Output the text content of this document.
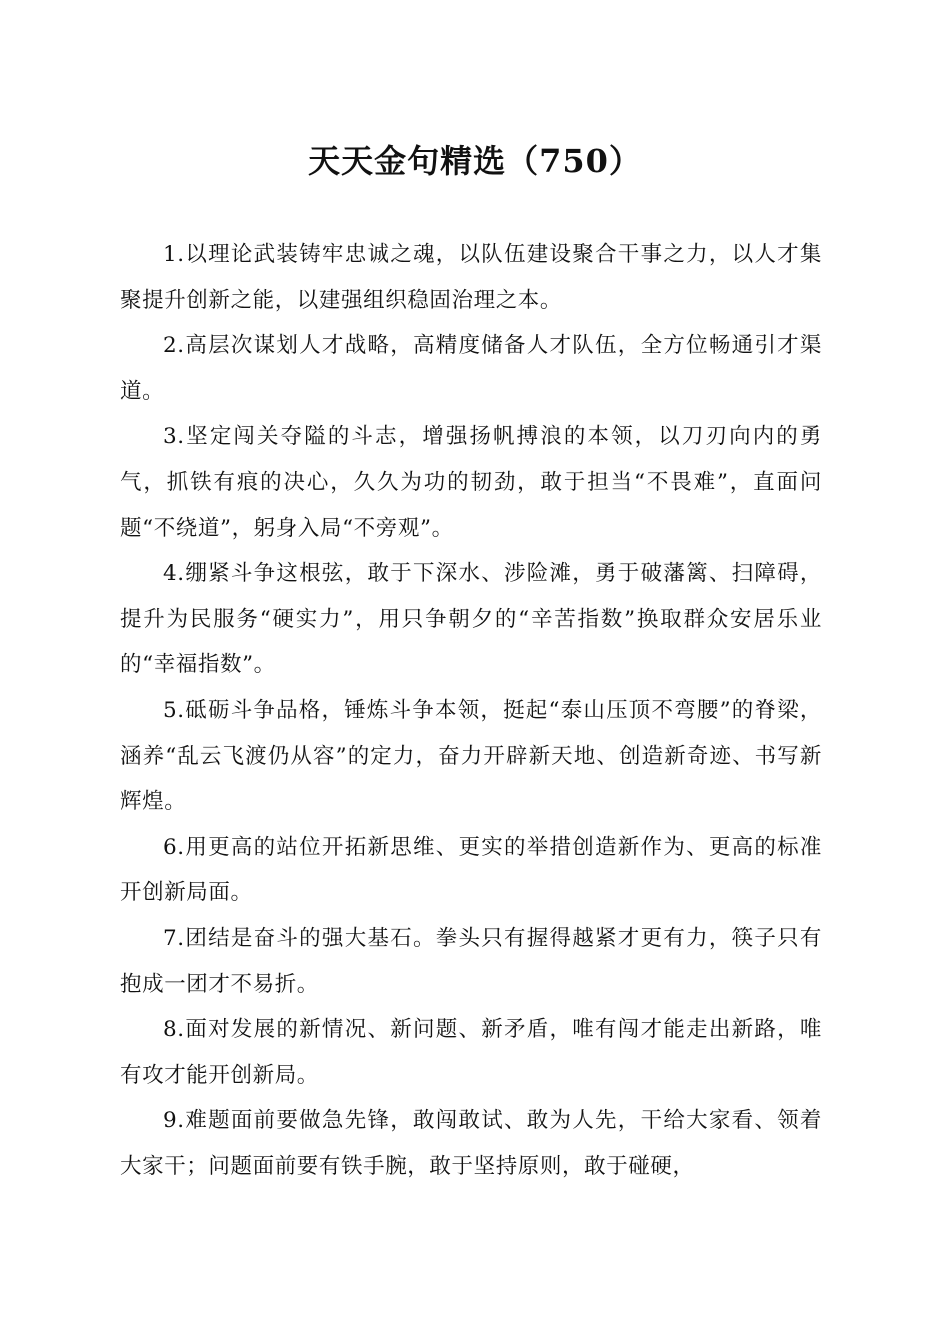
天天金句精选（750）

1.以理论武装铸牢忠诚之魂，以队伍建设聚合干事之力，以人才集聚提升创新之能，以建强组织稳固治理之本。

2.高层次谋划人才战略，高精度储备人才队伍，全方位畅通引才渠道。

3.坚定闯关夺隘的斗志，增强扬帆搏浪的本领，以刀刃向内的勇气，抓铁有痕的决心，久久为功的韧劲，敢于担当“不畏难”，直面问题“不绕道”，躬身入局“不旁观”。

4.绷紧斗争这根弦，敢于下深水、涉险滩，勇于破藩篱、扫障碍，提升为民服务“硬实力”，用只争朝夕的“辛苦指数”换取群众安居乐业的“幸福指数”。

5.砥砺斗争品格，锤炼斗争本领，挺起“泰山压顶不弯腰”的脊梁，涵养“乱云飞渡仍从容”的定力，奋力开辟新天地、创造新奇迹、书写新辉煌。

6.用更高的站位开拓新思维、更实的举措创造新作为、更高的标准开创新局面。

7.团结是奋斗的强大基石。拳头只有握得越紧才更有力，筷子只有抱成一团才不易折。

8.面对发展的新情况、新问题、新矛盾，唯有闯才能走出新路，唯有攻才能开创新局。

9.难题面前要做急先锋，敢闯敢试、敢为人先，干给大家看、领着大家干；问题面前要有铁手腕，敢于坚持原则，敢于碰硬，
